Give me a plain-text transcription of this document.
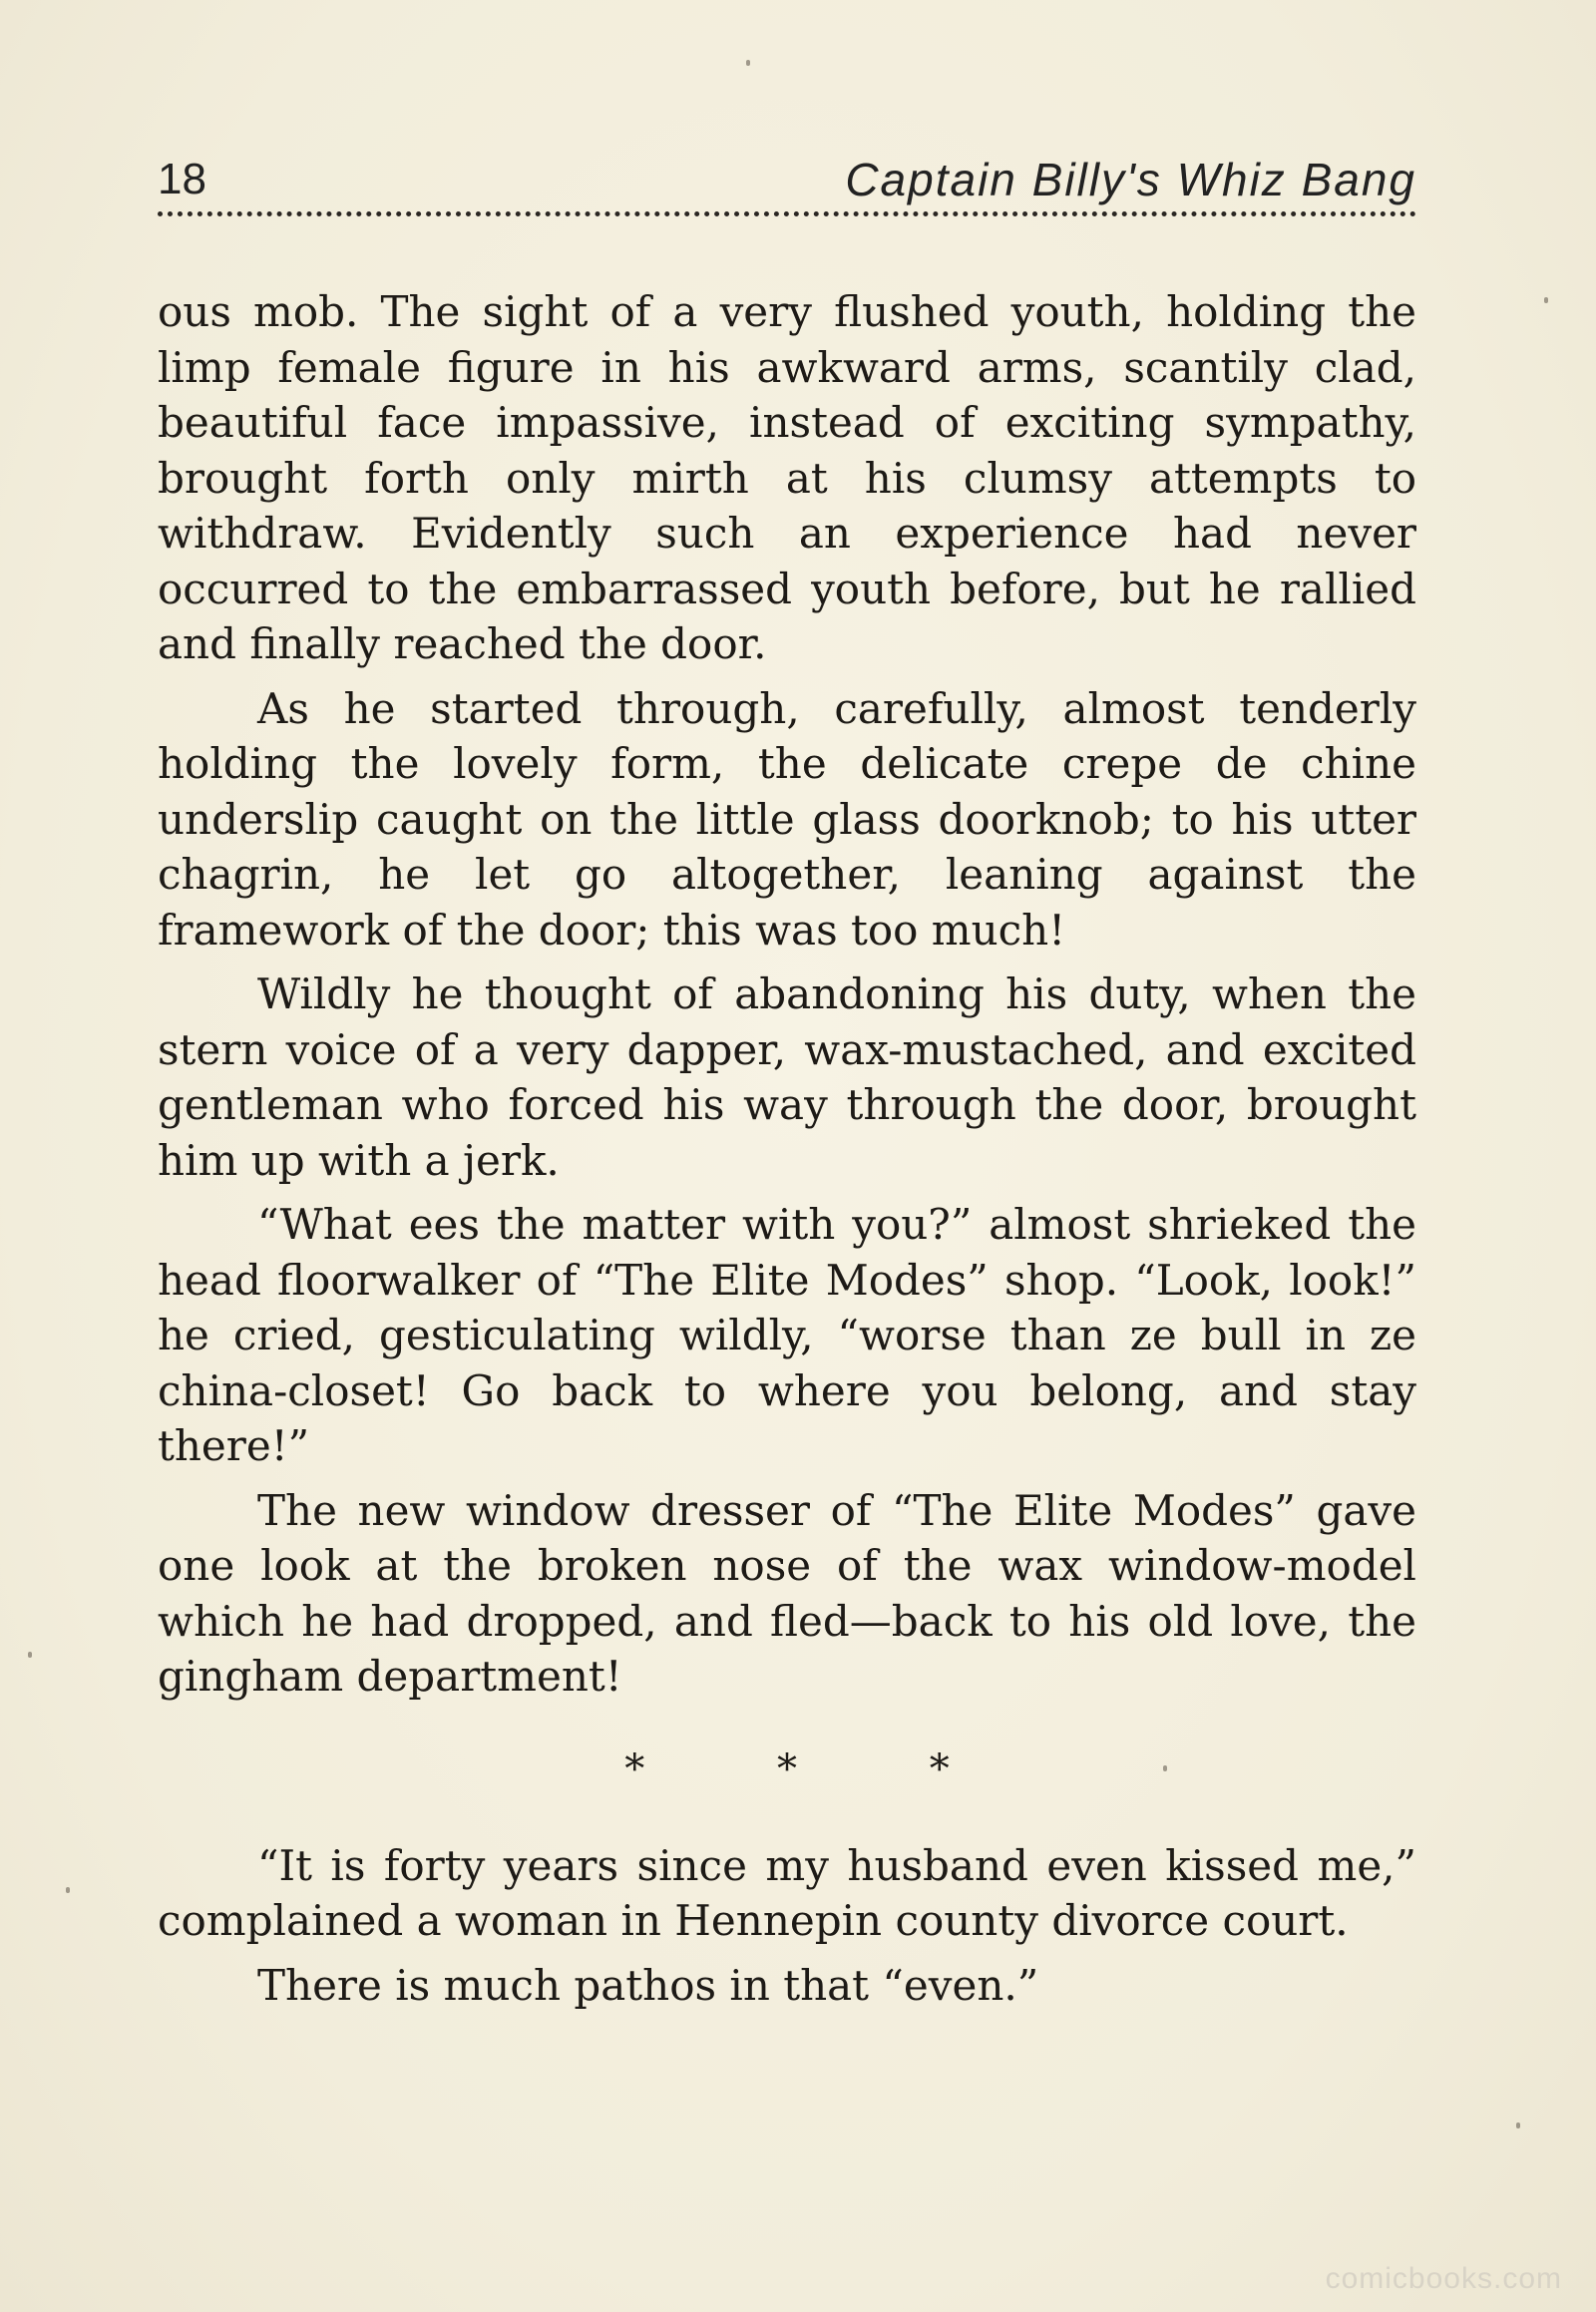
18	Captain Billy's Whiz Bang

ous mob. The sight of a very flushed youth, holding the limp female figure in his awkward arms, scantily clad, beautiful face impassive, instead of exciting sympathy, brought forth only mirth at his clumsy attempts to withdraw. Evidently such an experience had never occurred to the embarrassed youth before, but he rallied and finally reached the door.

As he started through, carefully, almost tenderly holding the lovely form, the delicate crepe de chine underslip caught on the little glass doorknob; to his utter chagrin, he let go altogether, leaning against the framework of the door; this was too much!

Wildly he thought of abandoning his duty, when the stern voice of a very dapper, wax-mustached, and excited gentleman who forced his way through the door, brought him up with a jerk.

“What ees the matter with you?” almost shrieked the head floorwalker of “The Elite Modes” shop. “Look, look!” he cried, gesticulating wildly, “worse than ze bull in ze china-closet! Go back to where you belong, and stay there!”

The new window dresser of “The Elite Modes” gave one look at the broken nose of the wax window-model which he had dropped, and fled—back to his old love, the gingham department!

* * *

“It is forty years since my husband even kissed me,” complained a woman in Hennepin county divorce court.

There is much pathos in that “even.”

comicbooks.com
